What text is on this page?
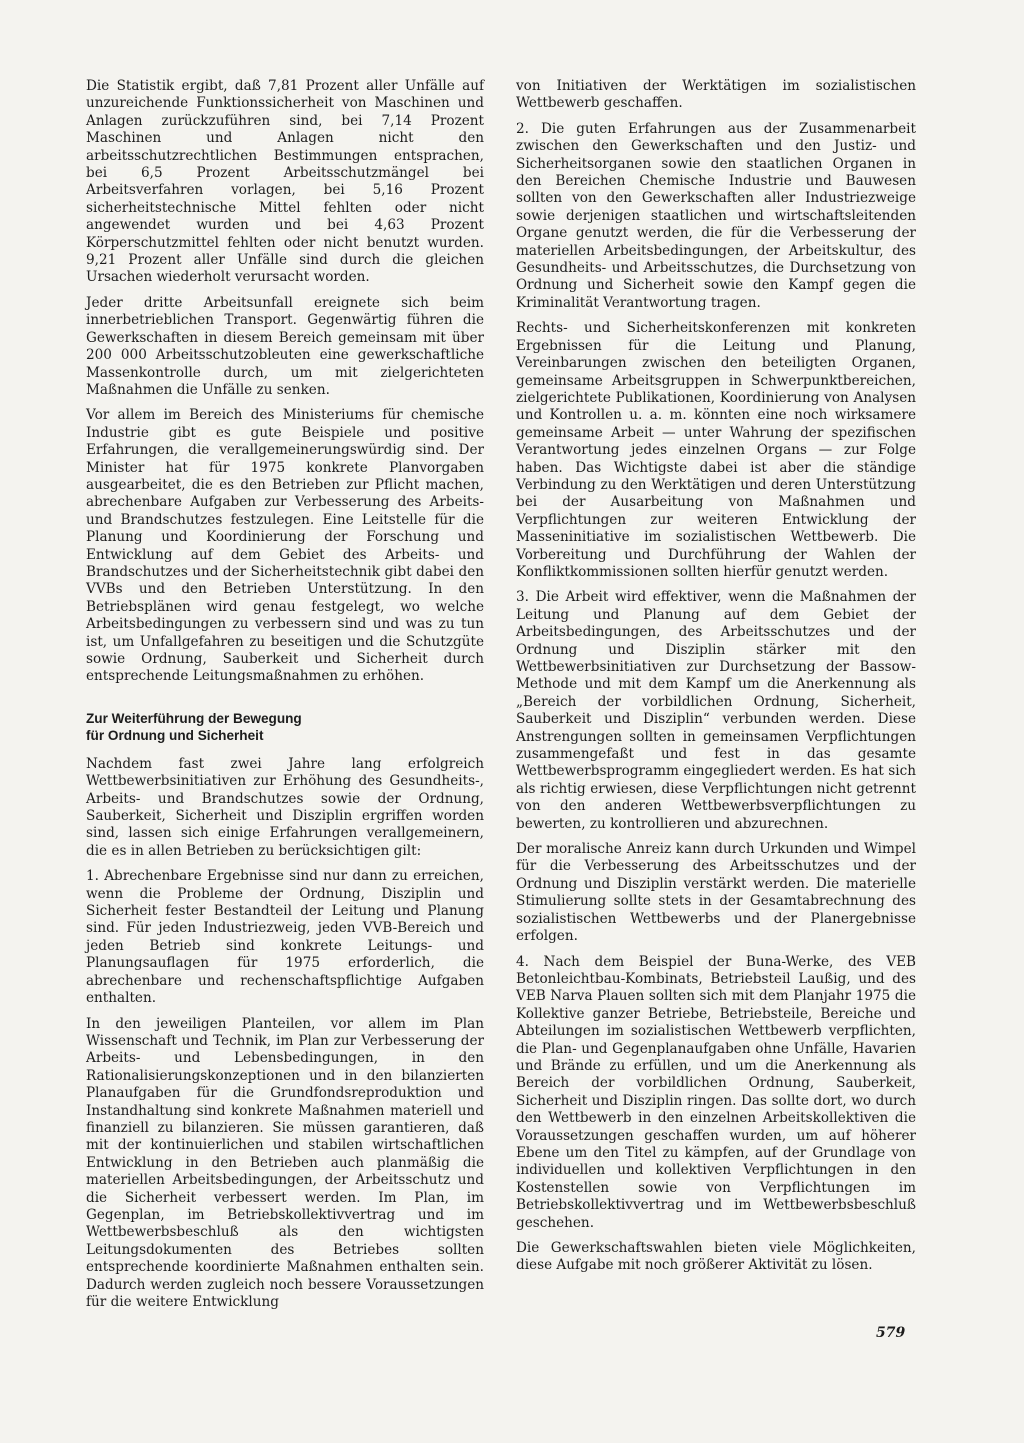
Die Statistik ergibt, daß 7,81 Prozent aller Unfälle auf unzureichende Funktionssicherheit von Maschinen und Anlagen zurückzuführen sind, bei 7,14 Prozent Maschinen und Anlagen nicht den arbeitsschutzrechtlichen Bestimmungen entsprachen, bei 6,5 Prozent Arbeitsschutzmängel bei Arbeitsverfahren vorlagen, bei 5,16 Prozent sicherheitstechnische Mittel fehlten oder nicht angewendet wurden und bei 4,63 Prozent Körperschutzmittel fehlten oder nicht benutzt wurden. 9,21 Prozent aller Unfälle sind durch die gleichen Ursachen wiederholt verursacht worden.

Jeder dritte Arbeitsunfall ereignete sich beim innerbetrieblichen Transport. Gegenwärtig führen die Gewerkschaften in diesem Bereich gemeinsam mit über 200 000 Arbeitsschutzobleuten eine gewerkschaftliche Massenkontrolle durch, um mit zielgerichteten Maßnahmen die Unfälle zu senken.

Vor allem im Bereich des Ministeriums für chemische Industrie gibt es gute Beispiele und positive Erfahrungen, die verallgemeinerungswürdig sind. Der Minister hat für 1975 konkrete Planvorgaben ausgearbeitet, die es den Betrieben zur Pflicht machen, abrechenbare Aufgaben zur Verbesserung des Arbeits- und Brandschutzes festzulegen. Eine Leitstelle für die Planung und Koordinierung der Forschung und Entwicklung auf dem Gebiet des Arbeits- und Brandschutzes und der Sicherheitstechnik gibt dabei den VVBs und den Betrieben Unterstützung. In den Betriebsplänen wird genau festgelegt, wo welche Arbeitsbedingungen zu verbessern sind und was zu tun ist, um Unfallgefahren zu beseitigen und die Schutzgüte sowie Ordnung, Sauberkeit und Sicherheit durch entsprechende Leitungsmaßnahmen zu erhöhen.

Zur Weiterführung der Bewegung
für Ordnung und Sicherheit

Nachdem fast zwei Jahre lang erfolgreich Wettbewerbsinitiativen zur Erhöhung des Gesundheits-, Arbeits- und Brandschutzes sowie der Ordnung, Sauberkeit, Sicherheit und Disziplin ergriffen worden sind, lassen sich einige Erfahrungen verallgemeinern, die es in allen Betrieben zu berücksichtigen gilt:

1. Abrechenbare Ergebnisse sind nur dann zu erreichen, wenn die Probleme der Ordnung, Disziplin und Sicherheit fester Bestandteil der Leitung und Planung sind. Für jeden Industriezweig, jeden VVB-Bereich und jeden Betrieb sind konkrete Leitungs- und Planungsauflagen für 1975 erforderlich, die abrechenbare und rechenschaftspflichtige Aufgaben enthalten.

In den jeweiligen Planteilen, vor allem im Plan Wissenschaft und Technik, im Plan zur Verbesserung der Arbeits- und Lebensbedingungen, in den Rationalisierungskonzeptionen und in den bilanzierten Planaufgaben für die Grundfondsreproduktion und Instandhaltung sind konkrete Maßnahmen materiell und finanziell zu bilanzieren. Sie müssen garantieren, daß mit der kontinuierlichen und stabilen wirtschaftlichen Entwicklung in den Betrieben auch planmäßig die materiellen Arbeitsbedingungen, der Arbeitsschutz und die Sicherheit verbessert werden. Im Plan, im Gegenplan, im Betriebskollektivvertrag und im Wettbewerbsbeschluß als den wichtigsten Leitungsdokumenten des Betriebes sollten entsprechende koordinierte Maßnahmen enthalten sein. Dadurch werden zugleich noch bessere Voraussetzungen für die weitere Entwicklung

von Initiativen der Werktätigen im sozialistischen Wettbewerb geschaffen.

2. Die guten Erfahrungen aus der Zusammenarbeit zwischen den Gewerkschaften und den Justiz- und Sicherheitsorganen sowie den staatlichen Organen in den Bereichen Chemische Industrie und Bauwesen sollten von den Gewerkschaften aller Industriezweige sowie derjenigen staatlichen und wirtschaftsleitenden Organe genutzt werden, die für die Verbesserung der materiellen Arbeitsbedingungen, der Arbeitskultur, des Gesundheits- und Arbeitsschutzes, die Durchsetzung von Ordnung und Sicherheit sowie den Kampf gegen die Kriminalität Verantwortung tragen.

Rechts- und Sicherheitskonferenzen mit konkreten Ergebnissen für die Leitung und Planung, Vereinbarungen zwischen den beteiligten Organen, gemeinsame Arbeitsgruppen in Schwerpunktbereichen, zielgerichtete Publikationen, Koordinierung von Analysen und Kontrollen u. a. m. könnten eine noch wirksamere gemeinsame Arbeit — unter Wahrung der spezifischen Verantwortung jedes einzelnen Organs — zur Folge haben. Das Wichtigste dabei ist aber die ständige Verbindung zu den Werktätigen und deren Unterstützung bei der Ausarbeitung von Maßnahmen und Verpflichtungen zur weiteren Entwicklung der Masseninitiative im sozialistischen Wettbewerb. Die Vorbereitung und Durchführung der Wahlen der Konfliktkommissionen sollten hierfür genutzt werden.

3. Die Arbeit wird effektiver, wenn die Maßnahmen der Leitung und Planung auf dem Gebiet der Arbeitsbedingungen, des Arbeitsschutzes und der Ordnung und Disziplin stärker mit den Wettbewerbsinitiativen zur Durchsetzung der Bassow-Methode und mit dem Kampf um die Anerkennung als „Bereich der vorbildlichen Ordnung, Sicherheit, Sauberkeit und Disziplin“ verbunden werden. Diese Anstrengungen sollten in gemeinsamen Verpflichtungen zusammengefaßt und fest in das gesamte Wettbewerbsprogramm eingegliedert werden. Es hat sich als richtig erwiesen, diese Verpflichtungen nicht getrennt von den anderen Wettbewerbsverpflichtungen zu bewerten, zu kontrollieren und abzurechnen.

Der moralische Anreiz kann durch Urkunden und Wimpel für die Verbesserung des Arbeitsschutzes und der Ordnung und Disziplin verstärkt werden. Die materielle Stimulierung sollte stets in der Gesamtabrechnung des sozialistischen Wettbewerbs und der Planergebnisse erfolgen.

4. Nach dem Beispiel der Buna-Werke, des VEB Betonleichtbau-Kombinats, Betriebsteil Laußig, und des VEB Narva Plauen sollten sich mit dem Planjahr 1975 die Kollektive ganzer Betriebe, Betriebsteile, Bereiche und Abteilungen im sozialistischen Wettbewerb verpflichten, die Plan- und Gegenplanaufgaben ohne Unfälle, Havarien und Brände zu erfüllen, und um die Anerkennung als Bereich der vorbildlichen Ordnung, Sauberkeit, Sicherheit und Disziplin ringen. Das sollte dort, wo durch den Wettbewerb in den einzelnen Arbeitskollektiven die Voraussetzungen geschaffen wurden, um auf höherer Ebene um den Titel zu kämpfen, auf der Grundlage von individuellen und kollektiven Verpflichtungen in den Kostenstellen sowie von Verpflichtungen im Betriebskollektivvertrag und im Wettbewerbsbeschluß geschehen.

Die Gewerkschaftswahlen bieten viele Möglichkeiten, diese Aufgabe mit noch größerer Aktivität zu lösen.

579
